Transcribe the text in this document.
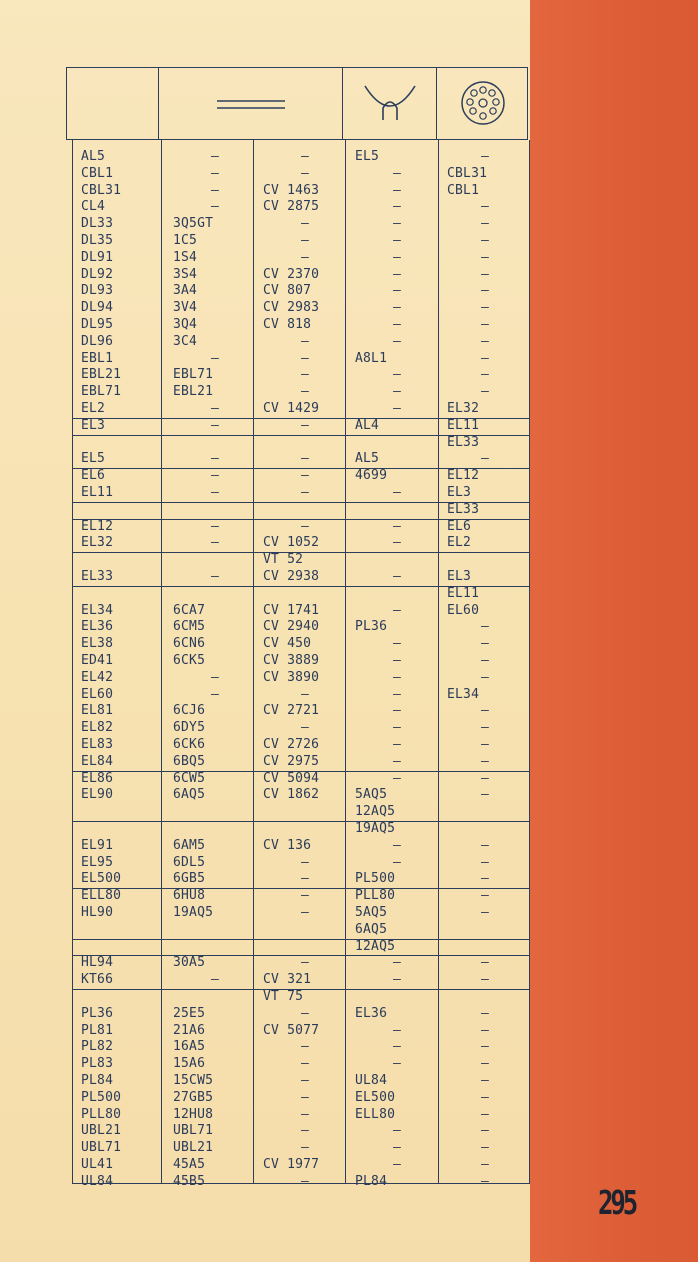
AL5
CBL1
CBL31
CL4
DL33
DL35
DL91
DL92
DL93
DL94
DL95
DL96
EBL1
EBL21
EBL71
EL2
EL3
EL5
EL6
EL11
EL12
EL32
EL33
EL34
EL36
EL38
ED41
EL42
EL60
EL81
EL82
EL83
EL84
EL86
EL90
EL91
EL95
EL500
ELL80
HL90
HL94
KT66
PL36
PL81
PL82
PL83
PL84
PL500
PLL80
UBL21
UBL71
UL41
UL84
–
–
–
–
3Q5GT
1C5
1S4
3S4
3A4
3V4
3Q4
3C4
–
EBL71
EBL21
–
–
–
–
–
–
–
–
6CA7
6CM5
6CN6
6CK5
–
–
6CJ6
6DY5
6CK6
6BQ5
6CW5
6AQ5
6AM5
6DL5
6GB5
6HU8
19AQ5
30A5
–
25E5
21A6
16A5
15A6
15CW5
27GB5
12HU8
UBL71
UBL21
45A5
45B5
–
–
CV 1463
CV 2875
–
–
–
CV 2370
CV 807
CV 2983
CV 818
–
–
–
–
CV 1429
–
–
–
–
–
CV 1052
VT 52
CV 2938
CV 1741
CV 2940
CV 450
CV 3889
CV 3890
–
CV 2721
–
CV 2726
CV 2975
CV 5094
CV 1862
CV 136
–
–
–
–
–
CV 321
VT 75
–
CV 5077
–
–
–
–
–
–
–
CV 1977
–
EL5
–
–
–
–
–
–
–
–
–
–
–
A8L1
–
–
–
AL4
AL5
4699
–
–
–
–
–
PL36
–
–
–
–
–
–
–
–
–
5AQ5
12AQ5
19AQ5
–
–
PL500
PLL80
5AQ5
6AQ5
12AQ5
–
–
EL36
–
–
–
UL84
EL500
ELL80
–
–
–
PL84
–
CBL31
CBL1
–
–
–
–
–
–
–
–
–
–
–
–
EL32
EL11
EL33
–
EL12
EL3
EL33
EL6
EL2
EL3
EL11
EL60
–
–
–
–
EL34
–
–
–
–
–
–
–
–
–
–
–
–
–
–
–
–
–
–
–
–
–
–
–
–
295
